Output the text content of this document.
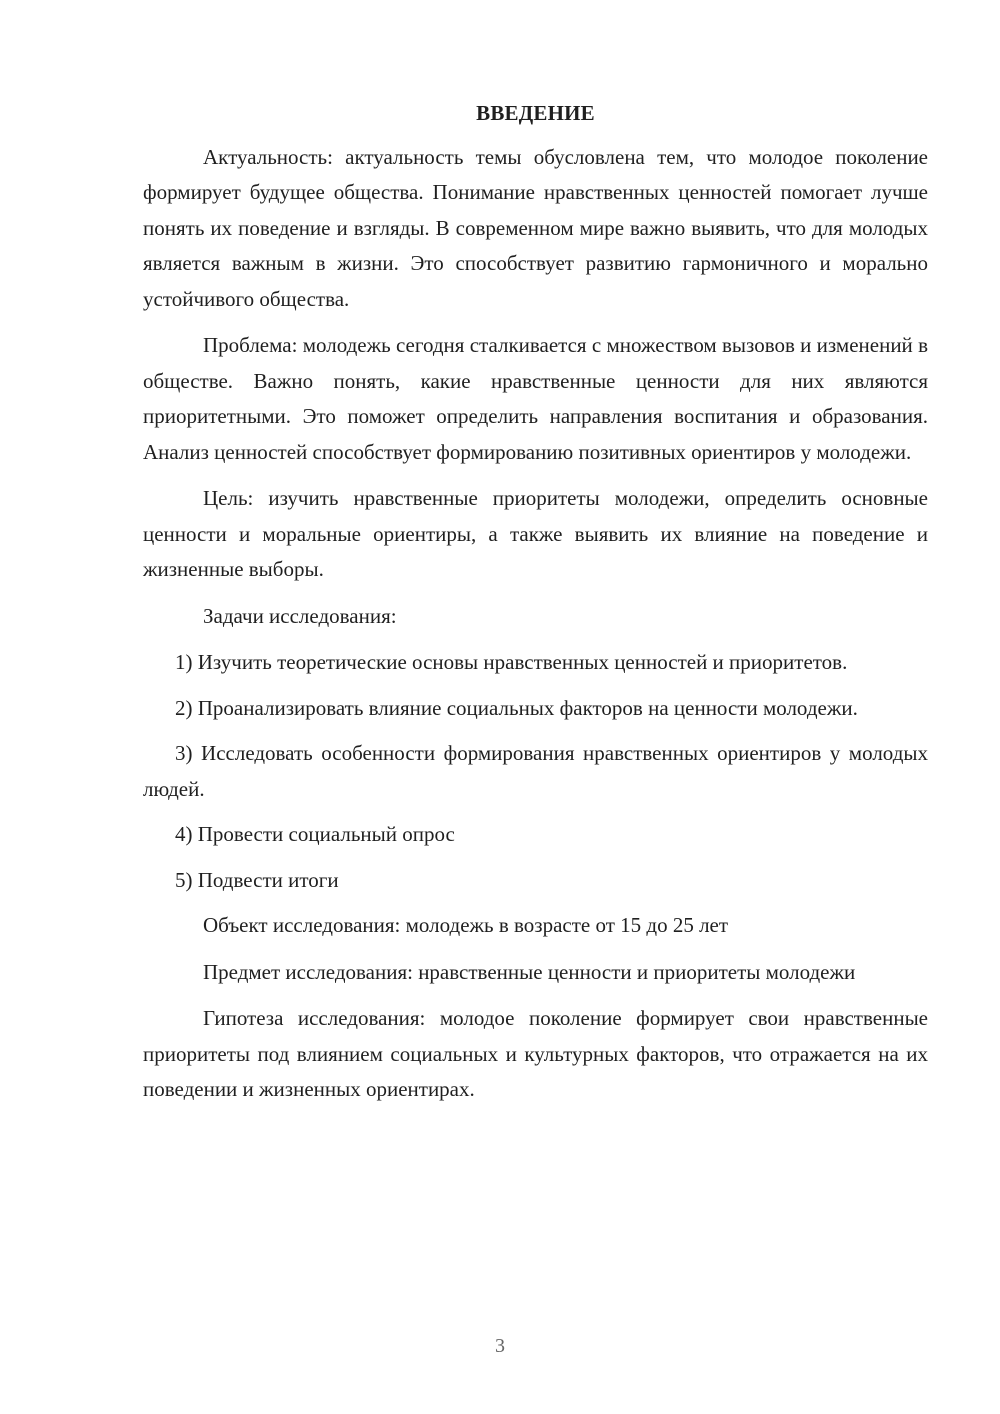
ВВЕДЕНИЕ

Актуальность: актуальность темы обусловлена тем, что молодое поколение формирует будущее общества. Понимание нравственных ценностей помогает лучше понять их поведение и взгляды. В современном мире важно выявить, что для молодых является важным в жизни. Это способствует развитию гармоничного и морально устойчивого общества.

Проблема: молодежь сегодня сталкивается с множеством вызовов и изменений в обществе. Важно понять, какие нравственные ценности для них являются приоритетными. Это поможет определить направления воспитания и образования. Анализ ценностей способствует формированию позитивных ориентиров у молодежи.

Цель: изучить нравственные приоритеты молодежи, определить основные ценности и моральные ориентиры, а также выявить их влияние на поведение и жизненные выборы.

Задачи исследования:

1) Изучить теоретические основы нравственных ценностей и приоритетов.

2) Проанализировать влияние социальных факторов на ценности молодежи.

3) Исследовать особенности формирования нравственных ориентиров у молодых людей.

4) Провести социальный опрос

5) Подвести итоги

Объект исследования: молодежь в возрасте от 15 до 25 лет

Предмет исследования: нравственные ценности и приоритеты молодежи

Гипотеза исследования: молодое поколение формирует свои нравственные приоритеты под влиянием социальных и культурных факторов, что отражается на их поведении и жизненных ориентирах.

3
